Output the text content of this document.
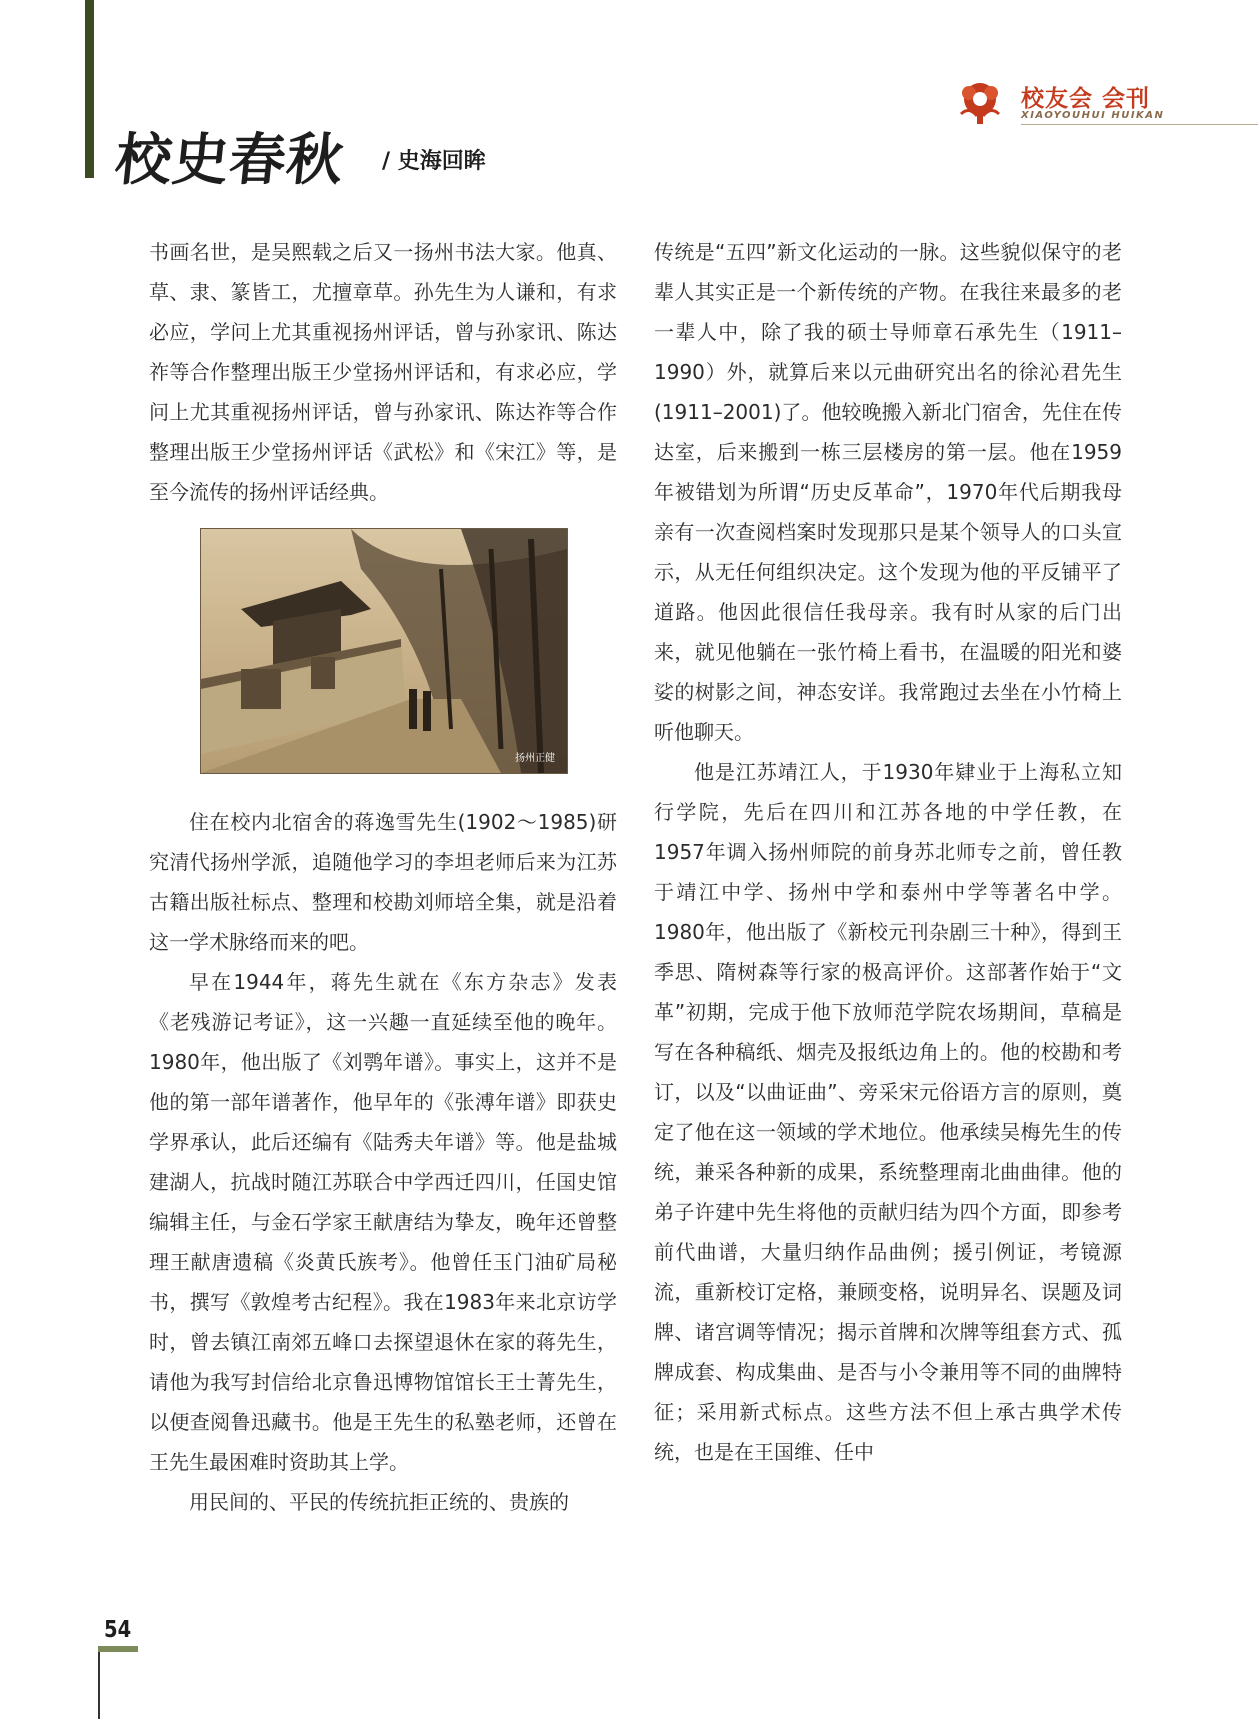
校史春秋 / 史海回眸
校友会 会刊
XIAOYOUHUI HUIKAN

书画名世，是吴熙载之后又一扬州书法大家。他真、草、隶、篆皆工，尤擅章草。孙先生为人谦和，有求必应，学问上尤其重视扬州评话，曾与孙家讯、陈达祚等合作整理出版王少堂扬州评话和，有求必应，学问上尤其重视扬州评话，曾与孙家讯、陈达祚等合作整理出版王少堂扬州评话《武松》和《宋江》等，是至今流传的扬州评话经典。

扬州正健

住在校内北宿舍的蒋逸雪先生(1902～1985)研究清代扬州学派，追随他学习的李坦老师后来为江苏古籍出版社标点、整理和校勘刘师培全集，就是沿着这一学术脉络而来的吧。

早在1944年，蒋先生就在《东方杂志》发表《老残游记考证》，这一兴趣一直延续至他的晚年。1980年，他出版了《刘鹗年谱》。事实上，这并不是他的第一部年谱著作，他早年的《张溥年谱》即获史学界承认，此后还编有《陆秀夫年谱》等。他是盐城建湖人，抗战时随江苏联合中学西迁四川，任国史馆编辑主任，与金石学家王献唐结为挚友，晚年还曾整理王献唐遗稿《炎黄氏族考》。他曾任玉门油矿局秘书，撰写《敦煌考古纪程》。我在1983年来北京访学时，曾去镇江南郊五峰口去探望退休在家的蒋先生，请他为我写封信给北京鲁迅博物馆馆长王士菁先生，以便查阅鲁迅藏书。他是王先生的私塾老师，还曾在王先生最困难时资助其上学。

用民间的、平民的传统抗拒正统的、贵族的

传统是“五四”新文化运动的一脉。这些貌似保守的老辈人其实正是一个新传统的产物。在我往来最多的老一辈人中，除了我的硕士导师章石承先生（1911–1990）外，就算后来以元曲研究出名的徐沁君先生(1911–2001)了。他较晚搬入新北门宿舍，先住在传达室，后来搬到一栋三层楼房的第一层。他在1959年被错划为所谓“历史反革命”，1970年代后期我母亲有一次查阅档案时发现那只是某个领导人的口头宣示，从无任何组织决定。这个发现为他的平反铺平了道路。他因此很信任我母亲。我有时从家的后门出来，就见他躺在一张竹椅上看书，在温暖的阳光和婆娑的树影之间，神态安详。我常跑过去坐在小竹椅上听他聊天。

他是江苏靖江人，于1930年肄业于上海私立知行学院，先后在四川和江苏各地的中学任教，在1957年调入扬州师院的前身苏北师专之前，曾任教于靖江中学、扬州中学和泰州中学等著名中学。1980年，他出版了《新校元刊杂剧三十种》，得到王季思、隋树森等行家的极高评价。这部著作始于“文革”初期，完成于他下放师范学院农场期间，草稿是写在各种稿纸、烟壳及报纸边角上的。他的校勘和考订，以及“以曲证曲”、旁采宋元俗语方言的原则，奠定了他在这一领域的学术地位。他承续吴梅先生的传统，兼采各种新的成果，系统整理南北曲曲律。他的弟子许建中先生将他的贡献归结为四个方面，即参考前代曲谱，大量归纳作品曲例；援引例证，考镜源流，重新校订定格，兼顾变格，说明异名、误题及词牌、诸宫调等情况；揭示首牌和次牌等组套方式、孤牌成套、构成集曲、是否与小令兼用等不同的曲牌特征；采用新式标点。这些方法不但上承古典学术传统，也是在王国维、任中

54
